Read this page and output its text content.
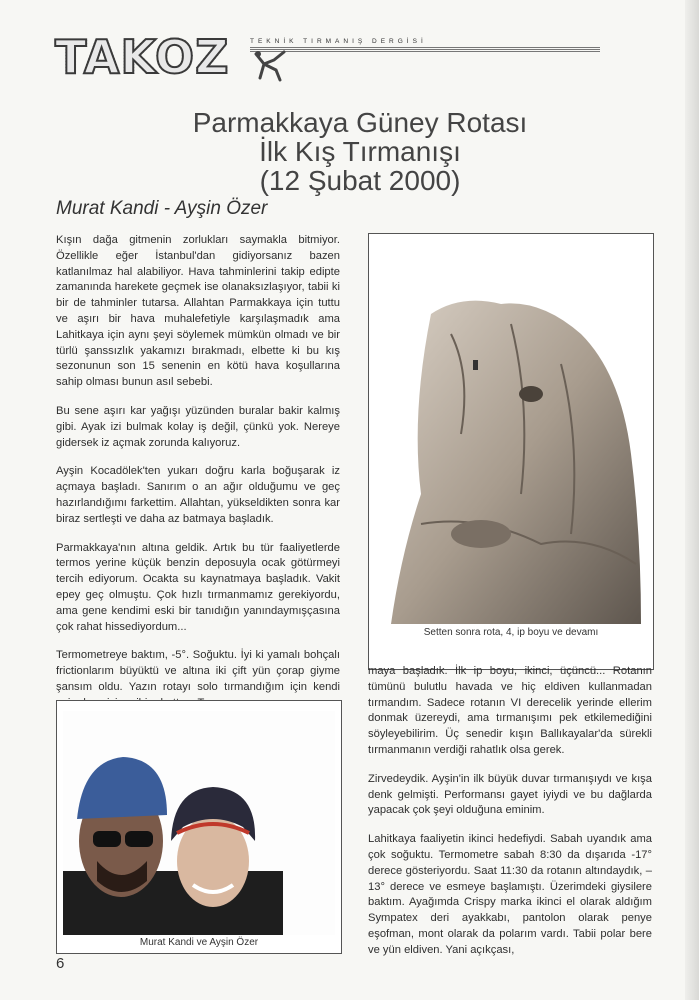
TAKOZ	TEKNİK TIRMANIŞ DERGİSİ
Parmakkaya Güney Rotası
İlk Kış Tırmanışı
(12 Şubat 2000)
Murat Kandi - Ayşin Özer

Kışın dağa gitmenin zorlukları saymakla bitmiyor. Özellikle eğer İstanbul'dan gidiyorsanız bazen katlanılmaz hal alabiliyor. Hava tahminlerini takip edipte zamanında harekete geçmek ise olanaksızlaşıyor, tabii ki bir de tahminler tutarsa. Allahtan Parmakkaya için tuttu ve aşırı bir hava muhalefetiyle karşılaşmadık ama Lahitkaya için aynı şeyi söylemek mümkün olmadı ve bir türlü şanssızlık yakamızı bırakmadı, elbette ki bu kış sezonunun son 15 senenin en kötü hava koşullarına sahip olması bunun asıl sebebi.

Bu sene aşırı kar yağışı yüzünden buralar bakir kalmış gibi. Ayak izi bulmak kolay iş değil, çünkü yok. Nereye gidersek iz açmak zorunda kalıyoruz.

Ayşin Kocadölek'ten yukarı doğru karla boğuşarak iz açmaya başladı. Sanırım o an ağır olduğumu ve geç hazırlandığımı farkettim. Allahtan, yükseldikten sonra kar biraz sertleşti ve daha az batmaya başladık.

Parmakkaya'nın altına geldik. Artık bu tür faaliyetlerde termos yerine küçük benzin deposuyla ocak götürmeyi tercih ediyorum. Ocakta su kaynatmaya başladık. Vakit epey geç olmuştu. Çok hızlı tırmanmamız gerekiyordu, ama gene kendimi eski bir tanıdığın yanındaymışçasına çok rahat hissediyordum...

Termometreye baktım, -5°. Soğuktu. İyi ki yamalı bohçalı frictionlarım büyüktü ve altına iki çift yün çorap giyme şansım oldu. Yazın rotayı solo tırmandığım için kendi

Setten sonra rota, 4, ip boyu ve devamı

maya başladık. İlk ip boyu, ikinci, üçüncü... Rotanın tümünü bulutlu havada ve hiç eldiven kullanmadan tırmandım. Sadece rotanın VI derecelik yerinde ellerim donmak üzereydi, ama tırmanışımı pek etkilemediğini söyleyebilirim. Üç senedir kışın Ballıkayalar'da sürekli tırmanmanın verdiği rahatlık olsa gerek.

Zirvedeydik. Ayşin'in ilk büyük duvar tırmanışıydı ve kışa denk gelmişti. Performansı gayet iyiydi ve bu dağlarda yapacak çok şeyi olduğuna eminim.

Lahitkaya faaliyetin ikinci hedefiydi. Sabah uyandık ama çok soğuktu. Termometre sabah 8:30 da dışarıda -17° derece gösteriyordu. Saat 11:30 da rotanın altındaydık, –13° derece ve esmeye başlamıştı. Üzerimdeki giysilere baktım. Ayağımda Crispy marka ikinci el olarak aldığım Sympatex deri ayakkabı, pantolon olarak penye eşofman, mont olarak da polarım vardı. Tabii polar bere ve yün eldiven. Yani açıkçası,

Murat Kandi ve Ayşin Özer
6
